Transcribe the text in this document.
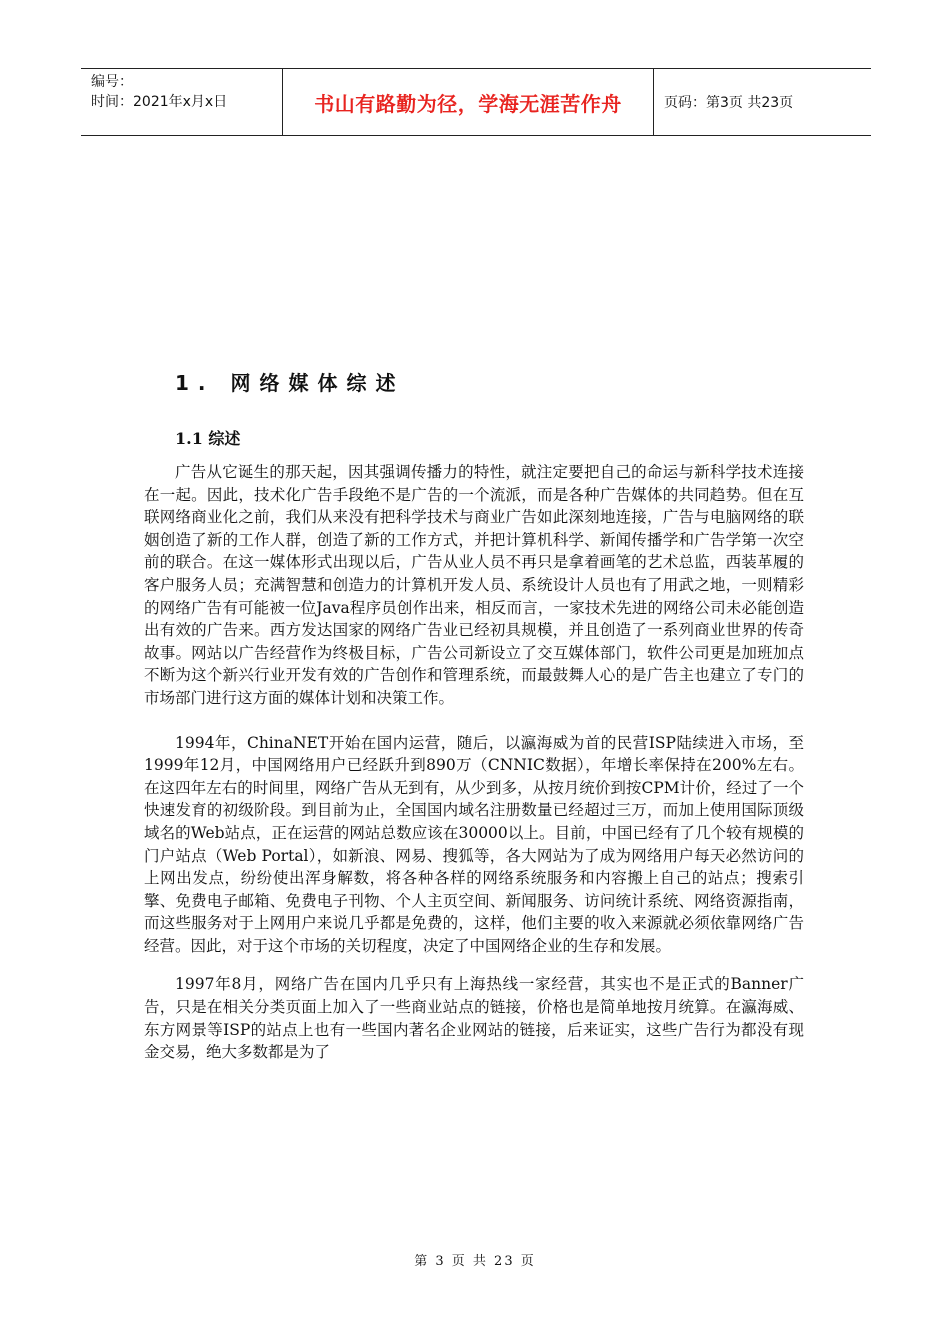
编号：
时间：2021年x月x日	书山有路勤为径，学海无涯苦作舟	页码：第3页 共23页
1. 网络媒体综述
1.1 综述

广告从它诞生的那天起，因其强调传播力的特性，就注定要把自己的命运与新科学技术连接在一起。因此，技术化广告手段绝不是广告的一个流派，而是各种广告媒体的共同趋势。但在互联网络商业化之前，我们从来没有把科学技术与商业广告如此深刻地连接，广告与电脑网络的联姻创造了新的工作人群，创造了新的工作方式，并把计算机科学、新闻传播学和广告学第一次空前的联合。在这一媒体形式出现以后，广告从业人员不再只是拿着画笔的艺术总监，西装革履的客户服务人员；充满智慧和创造力的计算机开发人员、系统设计人员也有了用武之地，一则精彩的网络广告有可能被一位Java程序员创作出来，相反而言，一家技术先进的网络公司未必能创造出有效的广告来。西方发达国家的网络广告业已经初具规模，并且创造了一系列商业世界的传奇故事。网站以广告经营作为终极目标，广告公司新设立了交互媒体部门，软件公司更是加班加点不断为这个新兴行业开发有效的广告创作和管理系统，而最鼓舞人心的是广告主也建立了专门的市场部门进行这方面的媒体计划和决策工作。

1994年，ChinaNET开始在国内运营，随后，以瀛海威为首的民营ISP陆续进入市场，至1999年12月，中国网络用户已经跃升到890万（CNNIC数据），年增长率保持在200%左右。在这四年左右的时间里，网络广告从无到有，从少到多，从按月统价到按CPM计价，经过了一个快速发育的初级阶段。到目前为止，全国国内域名注册数量已经超过三万，而加上使用国际顶级域名的Web站点，正在运营的网站总数应该在30000以上。目前，中国已经有了几个较有规模的门户站点（Web Portal），如新浪、网易、搜狐等，各大网站为了成为网络用户每天必然访问的上网出发点，纷纷使出浑身解数，将各种各样的网络系统服务和内容搬上自己的站点；搜索引擎、免费电子邮箱、免费电子刊物、个人主页空间、新闻服务、访问统计系统、网络资源指南，而这些服务对于上网用户来说几乎都是免费的，这样，他们主要的收入来源就必须依靠网络广告经营。因此，对于这个市场的关切程度，决定了中国网络企业的生存和发展。

1997年8月，网络广告在国内几乎只有上海热线一家经营，其实也不是正式的Banner广告，只是在相关分类页面上加入了一些商业站点的链接，价格也是简单地按月统算。在瀛海威、东方网景等ISP的站点上也有一些国内著名企业网站的链接，后来证实，这些广告行为都没有现金交易，绝大多数都是为了

第 3 页 共 23 页
